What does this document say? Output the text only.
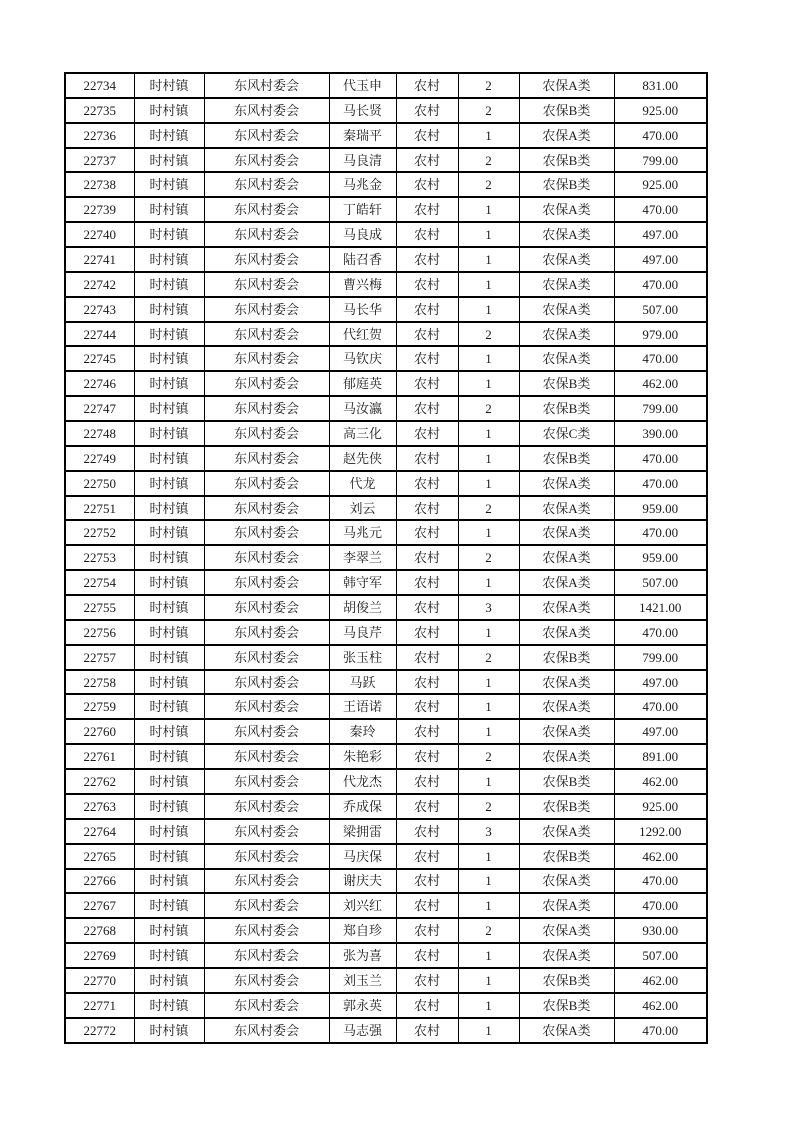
22734	时村镇	东风村委会	代玉申	农村	2	农保A类	831.00
22735	时村镇	东风村委会	马长贤	农村	2	农保B类	925.00
22736	时村镇	东风村委会	秦瑞平	农村	1	农保A类	470.00
22737	时村镇	东风村委会	马良清	农村	2	农保B类	799.00
22738	时村镇	东风村委会	马兆金	农村	2	农保B类	925.00
22739	时村镇	东风村委会	丁皓轩	农村	1	农保A类	470.00
22740	时村镇	东风村委会	马良成	农村	1	农保A类	497.00
22741	时村镇	东风村委会	陆召香	农村	1	农保A类	497.00
22742	时村镇	东风村委会	曹兴梅	农村	1	农保A类	470.00
22743	时村镇	东风村委会	马长华	农村	1	农保A类	507.00
22744	时村镇	东风村委会	代红贺	农村	2	农保A类	979.00
22745	时村镇	东风村委会	马钦庆	农村	1	农保A类	470.00
22746	时村镇	东风村委会	郁庭英	农村	1	农保B类	462.00
22747	时村镇	东风村委会	马汝瀛	农村	2	农保B类	799.00
22748	时村镇	东风村委会	高三化	农村	1	农保C类	390.00
22749	时村镇	东风村委会	赵先侠	农村	1	农保B类	470.00
22750	时村镇	东风村委会	代龙	农村	1	农保A类	470.00
22751	时村镇	东风村委会	刘云	农村	2	农保A类	959.00
22752	时村镇	东风村委会	马兆元	农村	1	农保A类	470.00
22753	时村镇	东风村委会	李翠兰	农村	2	农保A类	959.00
22754	时村镇	东风村委会	韩守军	农村	1	农保A类	507.00
22755	时村镇	东风村委会	胡俊兰	农村	3	农保A类	1421.00
22756	时村镇	东风村委会	马良芹	农村	1	农保A类	470.00
22757	时村镇	东风村委会	张玉柱	农村	2	农保B类	799.00
22758	时村镇	东风村委会	马跃	农村	1	农保A类	497.00
22759	时村镇	东风村委会	王语诺	农村	1	农保A类	470.00
22760	时村镇	东风村委会	秦玲	农村	1	农保A类	497.00
22761	时村镇	东风村委会	朱艳彩	农村	2	农保A类	891.00
22762	时村镇	东风村委会	代龙杰	农村	1	农保B类	462.00
22763	时村镇	东风村委会	乔成保	农村	2	农保B类	925.00
22764	时村镇	东风村委会	梁拥雷	农村	3	农保A类	1292.00
22765	时村镇	东风村委会	马庆保	农村	1	农保B类	462.00
22766	时村镇	东风村委会	谢庆夫	农村	1	农保A类	470.00
22767	时村镇	东风村委会	刘兴红	农村	1	农保A类	470.00
22768	时村镇	东风村委会	郑自珍	农村	2	农保A类	930.00
22769	时村镇	东风村委会	张为喜	农村	1	农保A类	507.00
22770	时村镇	东风村委会	刘玉兰	农村	1	农保B类	462.00
22771	时村镇	东风村委会	郭永英	农村	1	农保B类	462.00
22772	时村镇	东风村委会	马志强	农村	1	农保A类	470.00
